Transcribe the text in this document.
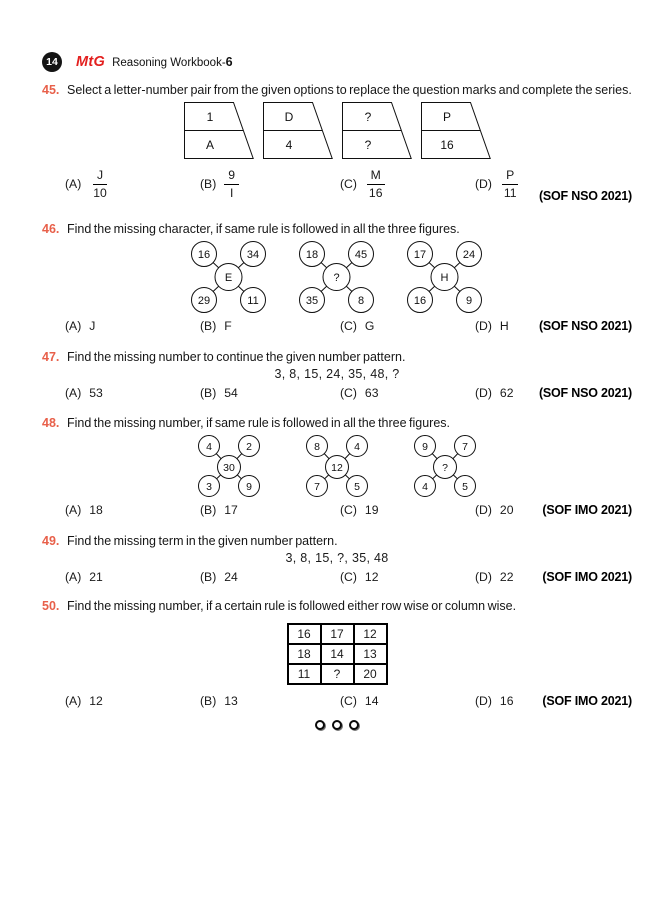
14 MtG Reasoning Workbook-6
45. Select a letter-number pair from the given options to replace the question marks and complete the series.
1
A
D
4
?
?
P
16
$(A) \frac{J}{10}$	$(B) \frac{9}{I}$	$(C) \frac{M}{16}$	$(D) \frac{P}{11} (SOF$ NSO 2021)
46. Find the missing character, if same rule is followed in all the three figures.
16	34
E
29	11
18	45
?
35	8
17	24
H
16	9
(A) J	(B) F	(C) G	(D) H (SOF NSO 2021)
47. Find the missing number to continue the given number pattern.
3, 8, 15, 24, 35, 48, ?
(A) 53	(B) 54	(C) 63	(D) 62 (SOF NSO 2021)
48. Find the missing number, if same rule is followed in all the three figures.
4	2
30
3	9
8	4
12
7	5
9	7
?
4	5
(A) 18	(B) 17	(C) 19	(D) 20 (SOF IMO 2021)
49. Find the missing term in the given number pattern.
3, 8, 15, ?, 35, 48
(A) 21	(B) 24	(C) 12	(D) 22 (SOF IMO 2021)
50. Find the missing number, if a certain rule is followed either row wise or column wise.
16	17	12
18	14	13
11	?	20
(A) 12	(B) 13	(C) 14	(D) 16 (SOF IMO 2021)
